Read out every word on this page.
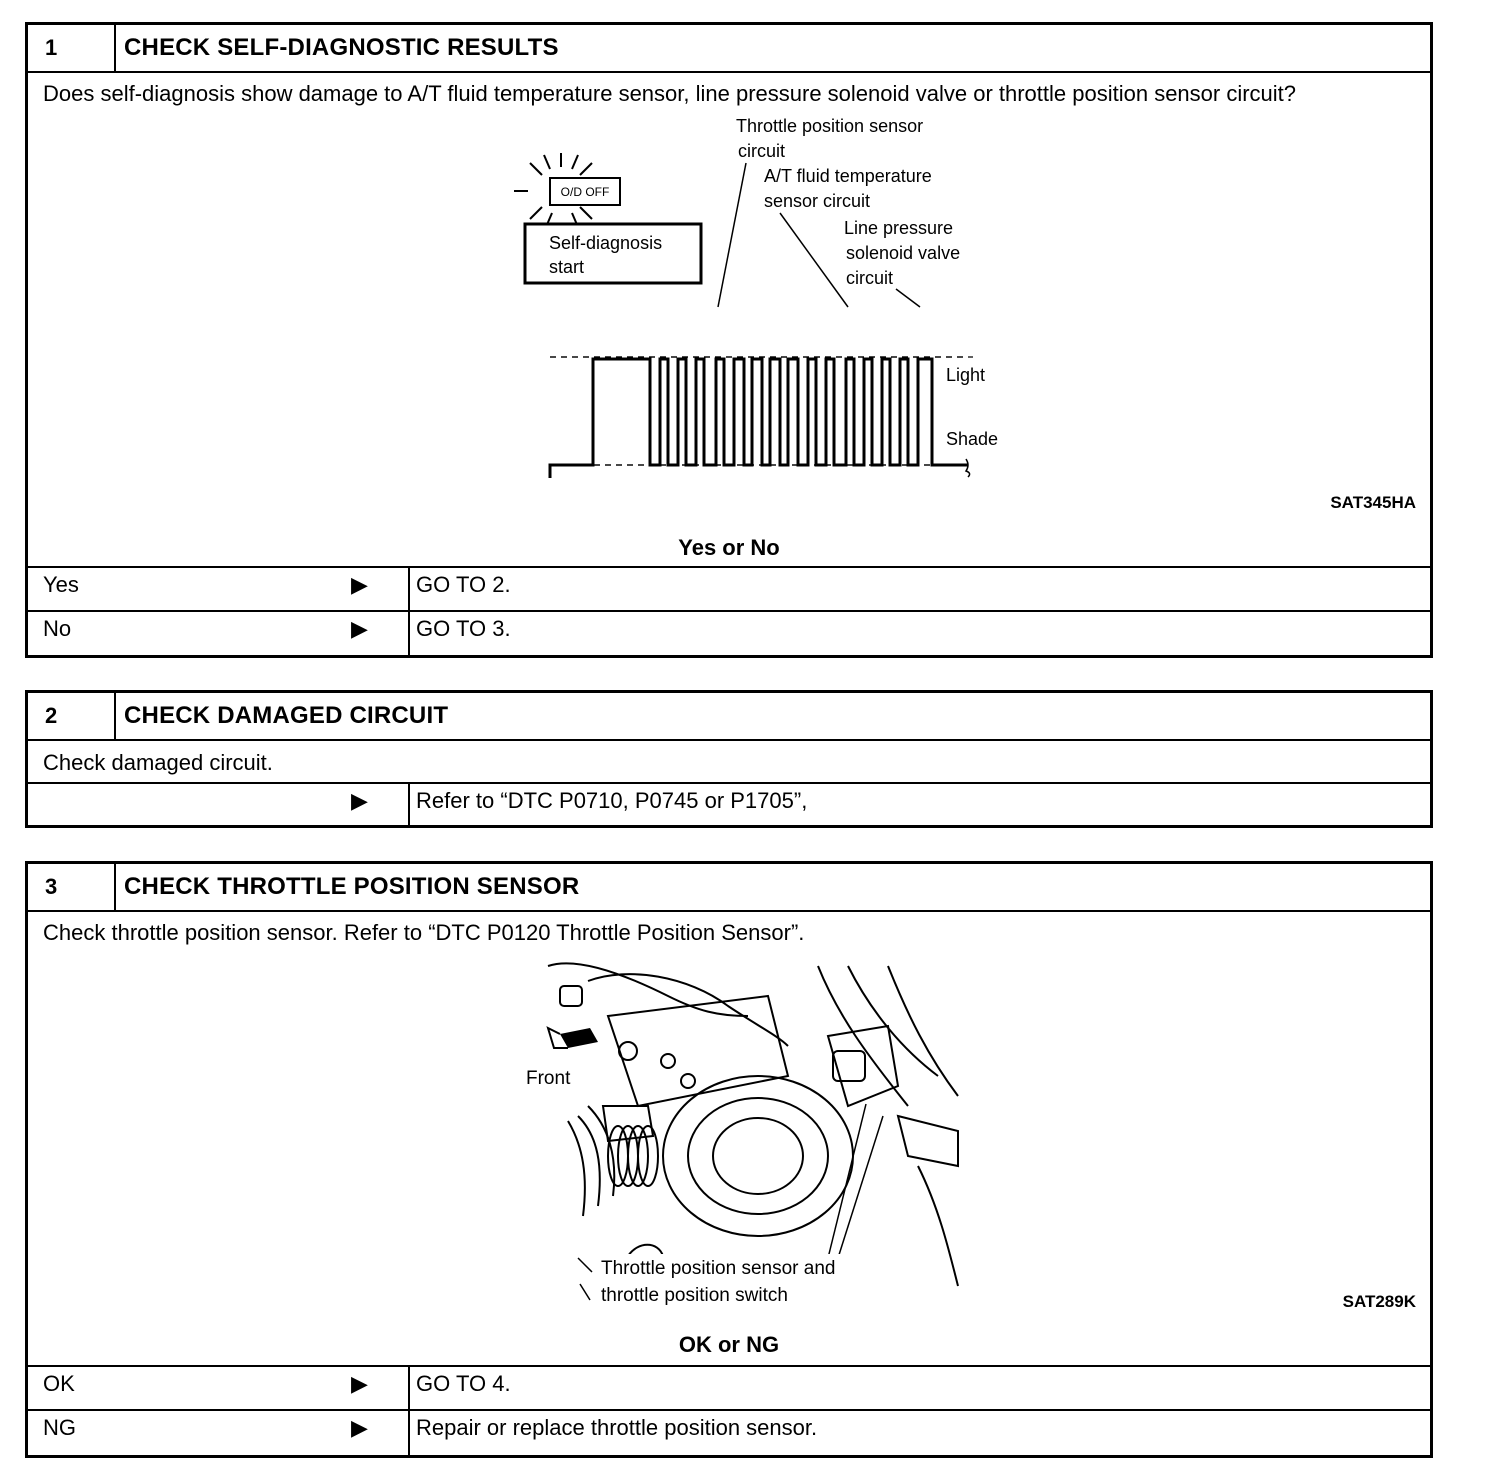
1	CHECK SELF-DIAGNOSTIC RESULTS
Does self-diagnosis show damage to A/T fluid temperature sensor, line pressure solenoid valve or throttle position sensor circuit?
O/D OFF
Self-diagnosis
start
Throttle position sensor
circuit
A/T fluid temperature
sensor circuit
Line pressure
solenoid valve
circuit
Light
Shade
SAT345HA
Yes or No
Yes	▶ GO TO 2.
No	▶ GO TO 3.
2	CHECK DAMAGED CIRCUIT
Check damaged circuit.
▶ Refer to “DTC P0710, P0745 or P1705”,
3	CHECK THROTTLE POSITION SENSOR
Check throttle position sensor. Refer to “DTC P0120 Throttle Position Sensor”.
Front
Throttle position sensor and
throttle position switch	SAT289K
OK or NG
OK	▶ GO TO 4.
NG	▶ Repair or replace throttle position sensor.
